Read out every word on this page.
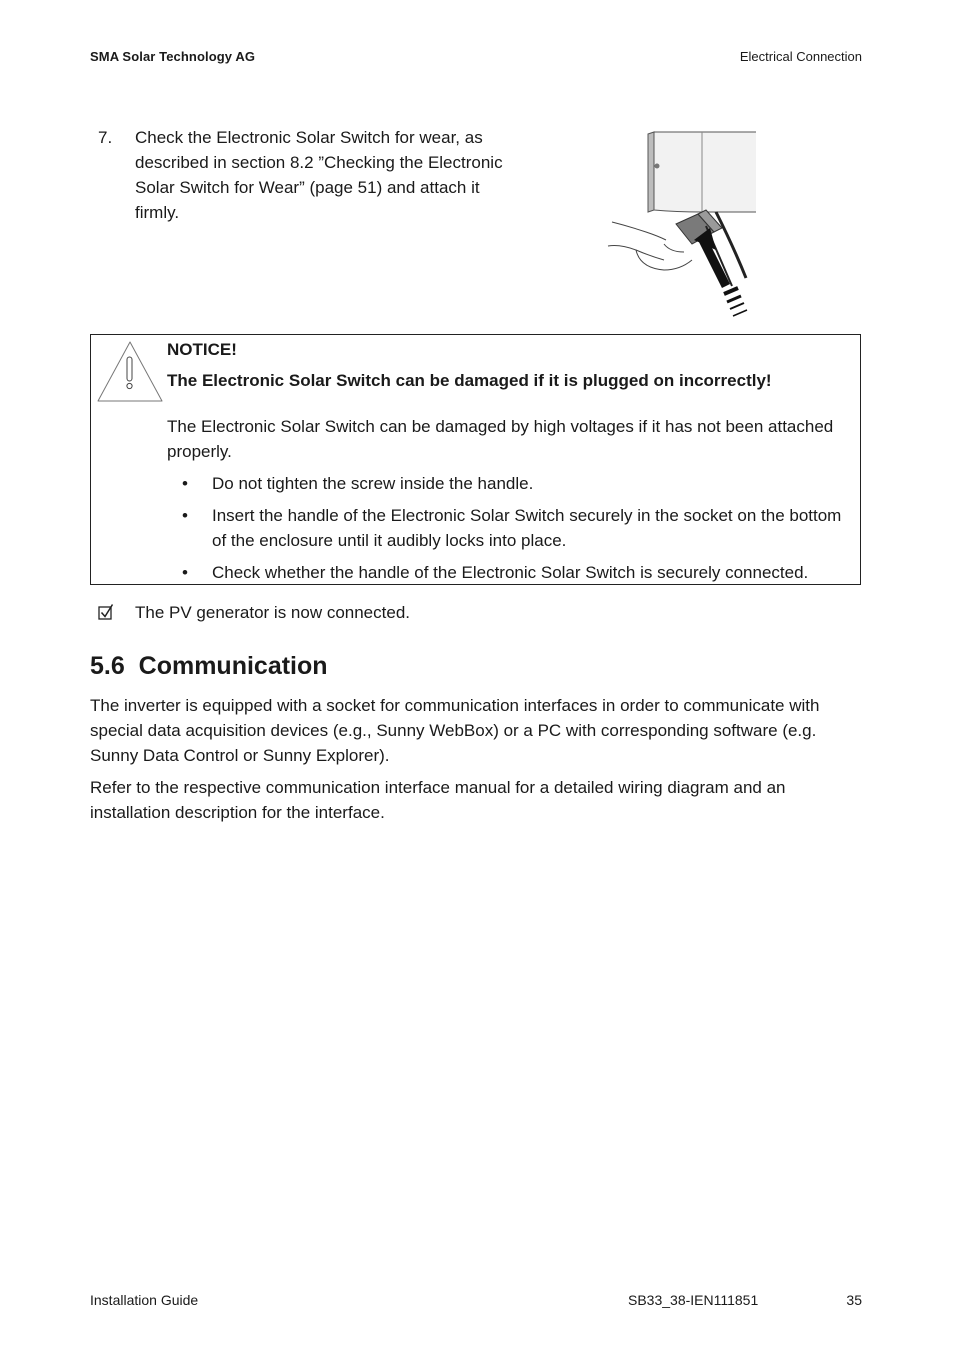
SMA Solar Technology AG	Electrical Connection
7. Check the Electronic Solar Switch for wear, as described in section 8.2 ”Checking the Electronic Solar Switch for Wear” (page 51) and attach it firmly.
NOTICE!
The Electronic Solar Switch can be damaged if it is plugged on incorrectly!
The Electronic Solar Switch can be damaged by high voltages if it has not been attached properly.
• Do not tighten the screw inside the handle.
• Insert the handle of the Electronic Solar Switch securely in the socket on the bottom of the enclosure until it audibly locks into place.
• Check whether the handle of the Electronic Solar Switch is securely connected.
The PV generator is now connected.
5.6  Communication
The inverter is equipped with a socket for communication interfaces in order to communicate with special data acquisition devices (e.g., Sunny WebBox) or a PC with corresponding software (e.g. Sunny Data Control or Sunny Explorer).
Refer to the respective communication interface manual for a detailed wiring diagram and an installation description for the interface.
Installation Guide	SB33_38-IEN111851	35
